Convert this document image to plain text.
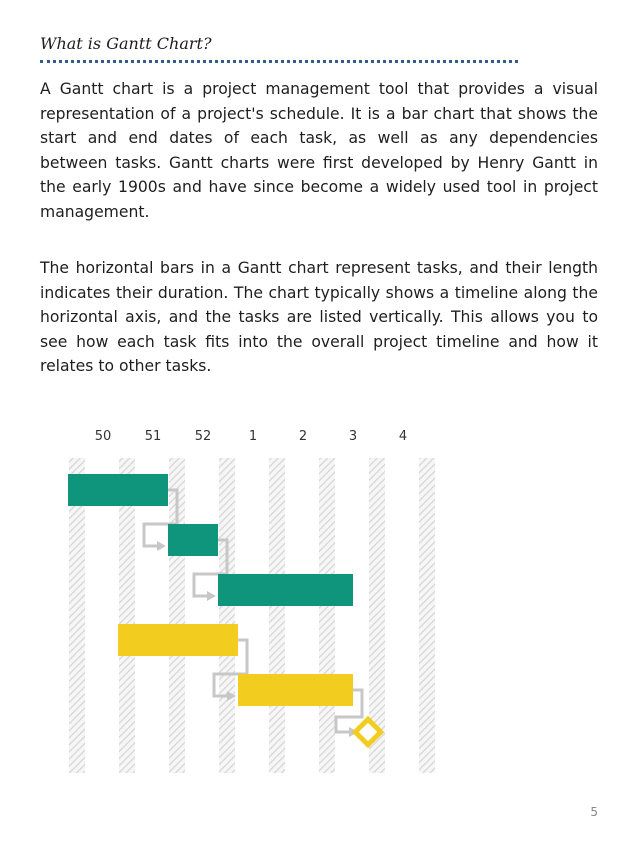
What is Gantt Chart?

A Gantt chart is a project management tool that provides a visual representation of a project's schedule. It is a bar chart that shows the start and end dates of each task, as well as any dependencies between tasks. Gantt charts were first developed by Henry Gantt in the early 1900s and have since become a widely used tool in project management.

The horizontal bars in a Gantt chart represent tasks, and their length indicates their duration. The chart typically shows a timeline along the horizontal axis, and the tasks are listed vertically. This allows you to see how each task fits into the overall project timeline and how it relates to other tasks.

50	51	52	1	2	3	4
5
